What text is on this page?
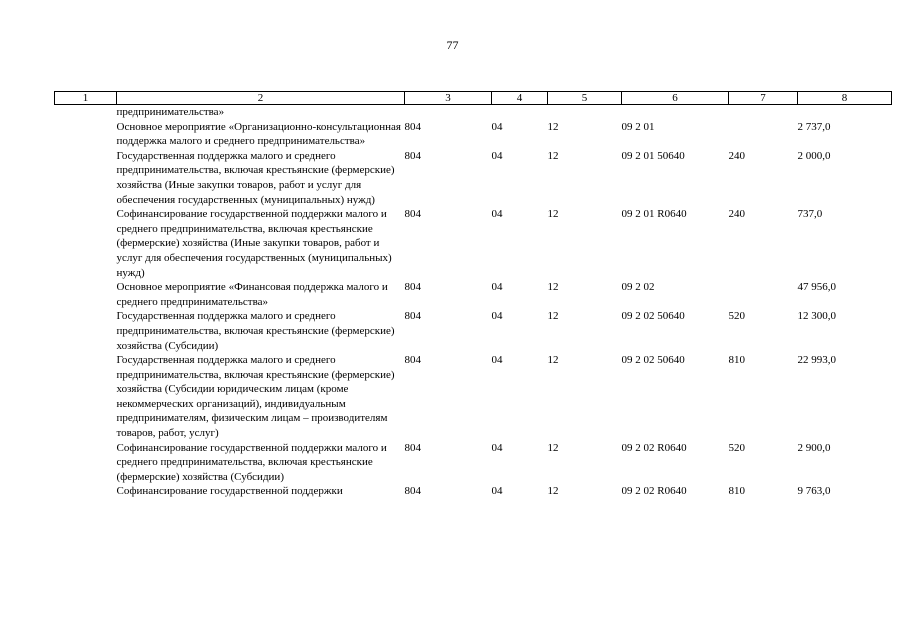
77
1	2	3	4	5	6	7	8
	предпринимательства»						
	Основное мероприятие «Организационно-консультационная поддержка малого и среднего предпринимательства»	804	04	12	09 2 01		2 737,0
	Государственная поддержка малого и среднего предпринимательства, включая крестьянские (фермерские) хозяйства (Иные закупки товаров, работ и услуг для обеспечения государственных (муниципальных) нужд)	804	04	12	09 2 01 50640	240	2 000,0
	Софинансирование государственной поддержки малого и среднего предпринимательства, включая крестьянские (фермерские) хозяйства (Иные закупки товаров, работ и услуг для обеспечения государственных (муниципальных) нужд)	804	04	12	09 2 01 R0640	240	737,0
	Основное мероприятие «Финансовая поддержка малого и среднего предпринимательства»	804	04	12	09 2 02		47 956,0
	Государственная поддержка малого и среднего предпринимательства, включая крестьянские (фермерские) хозяйства (Субсидии)	804	04	12	09 2 02 50640	520	12 300,0
	Государственная поддержка малого и среднего предпринимательства, включая крестьянские (фермерские) хозяйства (Субсидии юридическим лицам (кроме некоммерческих организаций), индивидуальным предпринимателям, физическим лицам – производителям товаров, работ, услуг)	804	04	12	09 2 02 50640	810	22 993,0
	Софинансирование государственной поддержки малого и среднего предпринимательства, включая крестьянские (фермерские) хозяйства (Субсидии)	804	04	12	09 2 02 R0640	520	2 900,0
	Софинансирование государственной поддержки	804	04	12	09 2 02 R0640	810	9 763,0
